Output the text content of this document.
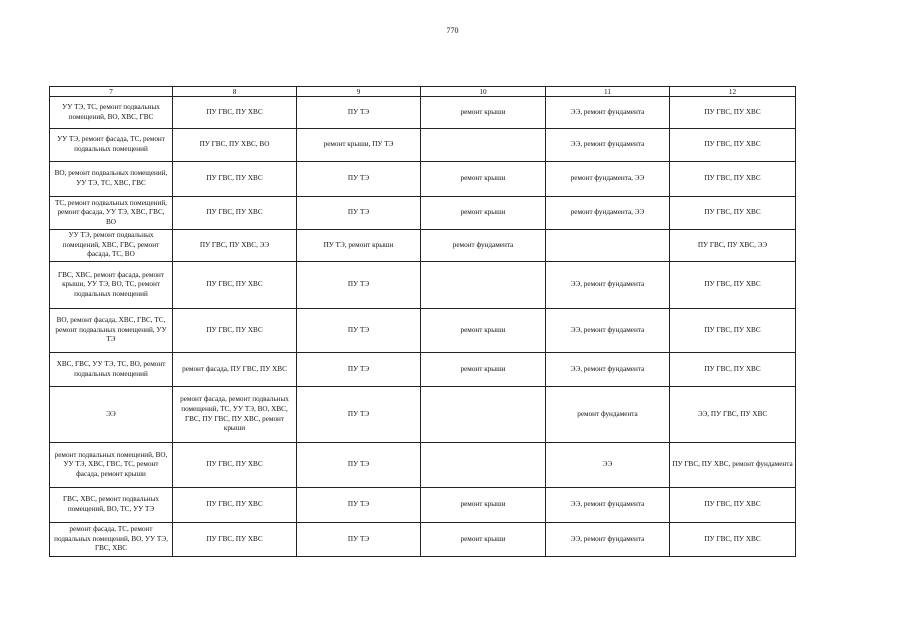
770
7	8	9	10	11	12
УУ ТЭ, ТС, ремонт подвальных помещений, ВО, ХВС, ГВС	ПУ ГВС, ПУ ХВС	ПУ ТЭ	ремонт крыши	ЭЭ, ремонт фундамента	ПУ ГВС, ПУ ХВС
УУ ТЭ, ремонт фасада, ТС, ремонт подвальных помещений	ПУ ГВС, ПУ ХВС, ВО	ремонт крыши, ПУ ТЭ		ЭЭ, ремонт фундамента	ПУ ГВС, ПУ ХВС
ВО, ремонт подвальных помещений, УУ ТЭ, ТС, ХВС, ГВС	ПУ ГВС, ПУ ХВС	ПУ ТЭ	ремонт крыши	ремонт фундамента, ЭЭ	ПУ ГВС, ПУ ХВС
ТС, ремонт подвальных помещений, ремонт фасада, УУ ТЭ, ХВС, ГВС, ВО	ПУ ГВС, ПУ ХВС	ПУ ТЭ	ремонт крыши	ремонт фундамента, ЭЭ	ПУ ГВС, ПУ ХВС
УУ ТЭ, ремонт подвальных помещений, ХВС, ГВС, ремонт фасада, ТС, ВО	ПУ ГВС, ПУ ХВС, ЭЭ	ПУ ТЭ, ремонт крыши	ремонт фундамента		ПУ ГВС, ПУ ХВС, ЭЭ
ГВС, ХВС, ремонт фасада, ремонт крыши, УУ ТЭ, ВО, ТС, ремонт подвальных помещений	ПУ ГВС, ПУ ХВС	ПУ ТЭ		ЭЭ, ремонт фундамента	ПУ ГВС, ПУ ХВС
ВО, ремонт фасада, ХВС, ГВС, ТС, ремонт подвальных помещений, УУ ТЭ	ПУ ГВС, ПУ ХВС	ПУ ТЭ	ремонт крыши	ЭЭ, ремонт фундамента	ПУ ГВС, ПУ ХВС
ХВС, ГВС, УУ ТЭ, ТС, ВО, ремонт подвальных помещений	ремонт фасада, ПУ ГВС, ПУ ХВС	ПУ ТЭ	ремонт крыши	ЭЭ, ремонт фундамента	ПУ ГВС, ПУ ХВС
ЭЭ	ремонт фасада, ремонт подвальных помещений, ТС, УУ ТЭ, ВО, ХВС, ГВС, ПУ ГВС, ПУ ХВС, ремонт крыши	ПУ ТЭ		ремонт фундамента	ЭЭ, ПУ ГВС, ПУ ХВС
ремонт подвальных помещений, ВО, УУ ТЭ, ХВС, ГВС, ТС, ремонт фасада, ремонт крыши	ПУ ГВС, ПУ ХВС	ПУ ТЭ		ЭЭ	ПУ ГВС, ПУ ХВС, ремонт фундамента
ГВС, ХВС, ремонт подвальных помещений, ВО, ТС, УУ ТЭ	ПУ ГВС, ПУ ХВС	ПУ ТЭ	ремонт крыши	ЭЭ, ремонт фундамента	ПУ ГВС, ПУ ХВС
ремонт фасада, ТС, ремонт подвальных помещений, ВО, УУ ТЭ, ГВС, ХВС	ПУ ГВС, ПУ ХВС	ПУ ТЭ	ремонт крыши	ЭЭ, ремонт фундамента	ПУ ГВС, ПУ ХВС
